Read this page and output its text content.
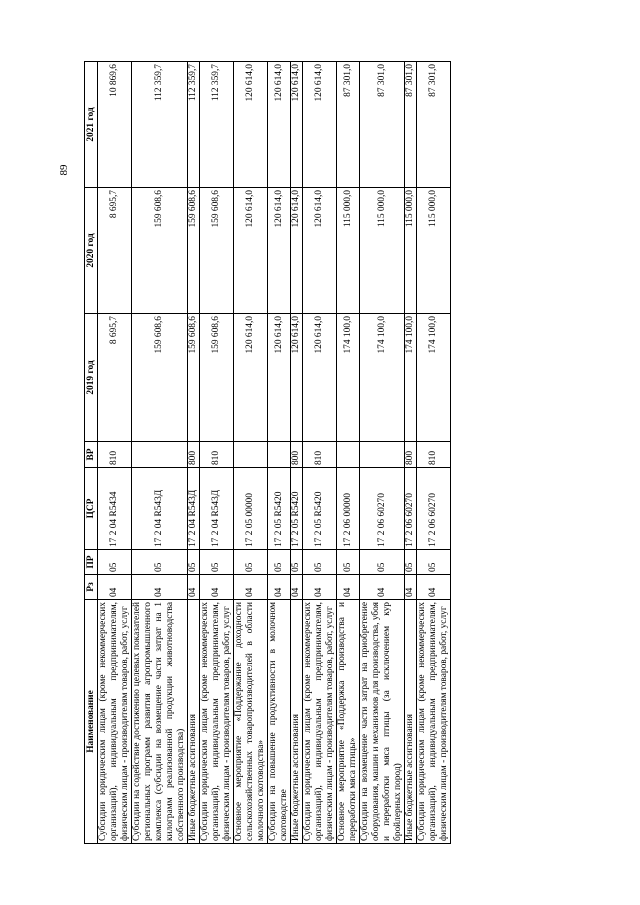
89
Наименование	Рз	ПР	ЦСР	ВР	2019 год	2020 год	2021 год
Субсидии юридическим лицам (кроме некоммерческих организаций), индивидуальным предпринимателям, физическим лицам - производителям товаров, работ, услуг	04	05	17 2 04 R5434	810	8 695,7	8 695,7	10 869,6
Субсидии на содействие достижению целевых показателей региональных программ развития агропромышленного комплекса (субсидии на возмещение части затрат на 1 килограмм реализованной продукции животноводства собственного производства)	04	05	17 2 04 R543Д		159 608,6	159 608,6	112 359,7
Иные бюджетные ассигнования	04	05	17 2 04 R543Д	800	159 608,6	159 608,6	112 359,7
Субсидии юридическим лицам (кроме некоммерческих организаций), индивидуальным предпринимателям, физическим лицам - производителям товаров, работ, услуг	04	05	17 2 04 R543Д	810	159 608,6	159 608,6	112 359,7
Основное мероприятие «Поддержание доходности сельскохозяйственных товаропроизводителей в области молочного скотоводства»	04	05	17 2 05 00000		120 614,0	120 614,0	120 614,0
Субсидии на повышение продуктивности в молочном скотоводстве	04	05	17 2 05 R5420		120 614,0	120 614,0	120 614,0
Иные бюджетные ассигнования	04	05	17 2 05 R5420	800	120 614,0	120 614,0	120 614,0
Субсидии юридическим лицам (кроме некоммерческих организаций), индивидуальным предпринимателям, физическим лицам - производителям товаров, работ, услуг	04	05	17 2 05 R5420	810	120 614,0	120 614,0	120 614,0
Основное мероприятие «Поддержка производства и переработки мяса птицы»	04	05	17 2 06 00000		174 100,0	115 000,0	87 301,0
Субсидии на возмещение части затрат на приобретение оборудования, машин и механизмов для производства, убоя и переработки мяса птицы (за исключением кур бройлерных пород)	04	05	17 2 06 60270		174 100,0	115 000,0	87 301,0
Иные бюджетные ассигнования	04	05	17 2 06 60270	800	174 100,0	115 000,0	87 301,0
Субсидии юридическим лицам (кроме некоммерческих организаций), индивидуальным предпринимателям, физическим лицам - производителям товаров, работ, услуг	04	05	17 2 06 60270	810	174 100,0	115 000,0	87 301,0
